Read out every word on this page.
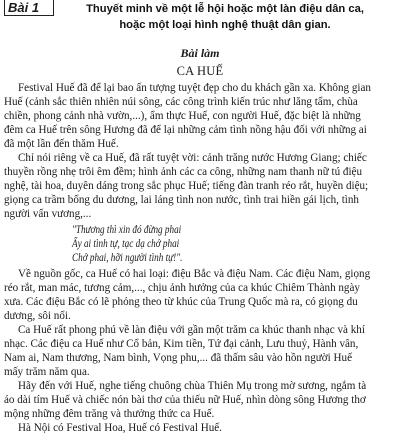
Bài 1	Thuyết minh về một lễ hội hoặc một làn điệu dân ca,
hoặc một loại hình nghệ thuật dân gian.
Bài làm
CA HUẾ
Festival Huế đã để lại bao ấn tượng tuyệt đẹp cho du khách gần xa. Không gian
Huế (cảnh sắc thiên nhiên núi sông, các công trình kiến trúc như lăng tẩm, chùa
chiền, phong cảnh nhà vườn,...), ẩm thực Huế, con người Huế, đặc biệt là những
đêm ca Huế trên sông Hương đã để lại những cảm tình nồng hậu đối với những ai
đã một lần đến thăm Huế.
Chỉ nói riêng về ca Huế, đã rất tuyệt vời: cảnh trăng nước Hương Giang; chiếc
thuyền rồng nhẹ trôi êm đềm; hình ảnh các ca công, những nam thanh nữ tú điệu
nghệ, tài hoa, duyên dáng trong sắc phục Huế; tiếng đàn tranh réo rắt, huyền diệu;
giọng ca trầm bổng du dương, lai láng tình non nước, tình trai hiền gái lịch, tình
người vấn vương,...
"Thương thì xin đó đừng phai
Ấy ai tình tự, tạc dạ chớ phai
Chớ phai, hỡi người tình tự!".
Về nguồn gốc, ca Huế có hai loại: điệu Bắc và điệu Nam. Các điệu Nam, giọng
réo rắt, man mác, tương cảm,..., chịu ảnh hưởng của ca khúc Chiêm Thành ngày
xưa. Các điệu Bắc có lẽ phỏng theo từ khúc của Trung Quốc mà ra, có giọng du
dương, sôi nổi.
Ca Huế rất phong phú về làn điệu với gần một trăm ca khúc thanh nhạc và khí
nhạc. Các điệu ca Huế như Cổ bản, Kim tiền, Tứ đại cảnh, Lưu thuỷ, Hành vân,
Nam ai, Nam thương, Nam bình, Vọng phu,... đã thấm sâu vào hồn người Huế
mấy trăm năm qua.
Hãy đến với Huế, nghe tiếng chuông chùa Thiên Mụ trong mờ sương, ngắm tà
áo dài tím Huế và chiếc nón bài thơ của thiếu nữ Huế, nhìn dòng sông Hương thơ
mộng những đêm trăng và thưởng thức ca Huế.
Hà Nội có Festival Hoa, Huế có Festival Huế.
